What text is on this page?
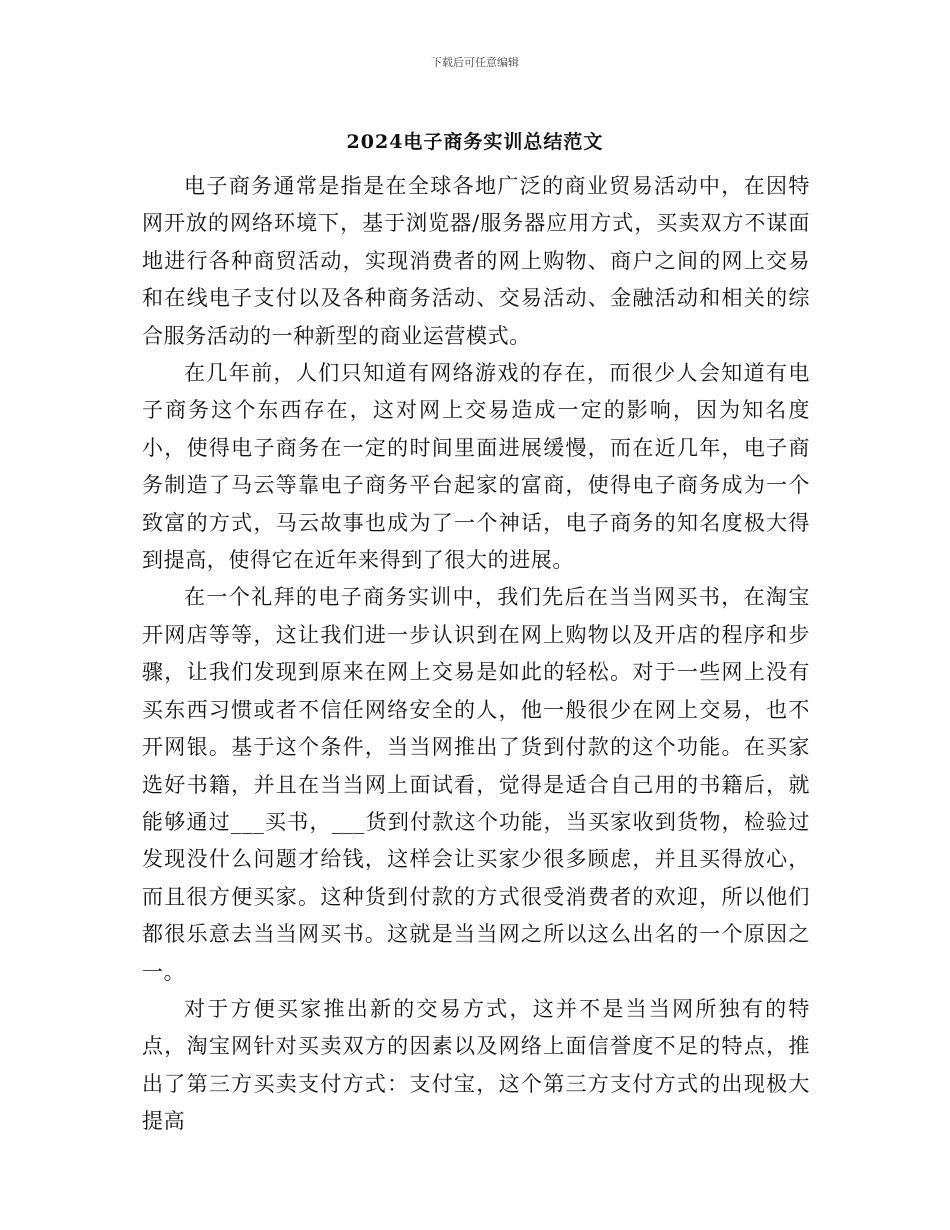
下载后可任意编辑
2024电子商务实训总结范文

电子商务通常是指是在全球各地广泛的商业贸易活动中，在因特网开放的网络环境下，基于浏览器/服务器应用方式，买卖双方不谋面地进行各种商贸活动，实现消费者的网上购物、商户之间的网上交易和在线电子支付以及各种商务活动、交易活动、金融活动和相关的综合服务活动的一种新型的商业运营模式。

在几年前，人们只知道有网络游戏的存在，而很少人会知道有电子商务这个东西存在，这对网上交易造成一定的影响，因为知名度小，使得电子商务在一定的时间里面进展缓慢，而在近几年，电子商务制造了马云等靠电子商务平台起家的富商，使得电子商务成为一个致富的方式，马云故事也成为了一个神话，电子商务的知名度极大得到提高，使得它在近年来得到了很大的进展。

在一个礼拜的电子商务实训中，我们先后在当当网买书，在淘宝开网店等等，这让我们进一步认识到在网上购物以及开店的程序和步骤，让我们发现到原来在网上交易是如此的轻松。对于一些网上没有买东西习惯或者不信任网络安全的人，他一般很少在网上交易，也不开网银。基于这个条件，当当网推出了货到付款的这个功能。在买家选好书籍，并且在当当网上面试看，觉得是适合自己用的书籍后，就能够通过___买书，___货到付款这个功能，当买家收到货物，检验过发现没什么问题才给钱，这样会让买家少很多顾虑，并且买得放心，而且很方便买家。这种货到付款的方式很受消费者的欢迎，所以他们都很乐意去当当网买书。这就是当当网之所以这么出名的一个原因之一。

对于方便买家推出新的交易方式，这并不是当当网所独有的特点，淘宝网针对买卖双方的因素以及网络上面信誉度不足的特点，推出了第三方买卖支付方式：支付宝，这个第三方支付方式的出现极大提高
